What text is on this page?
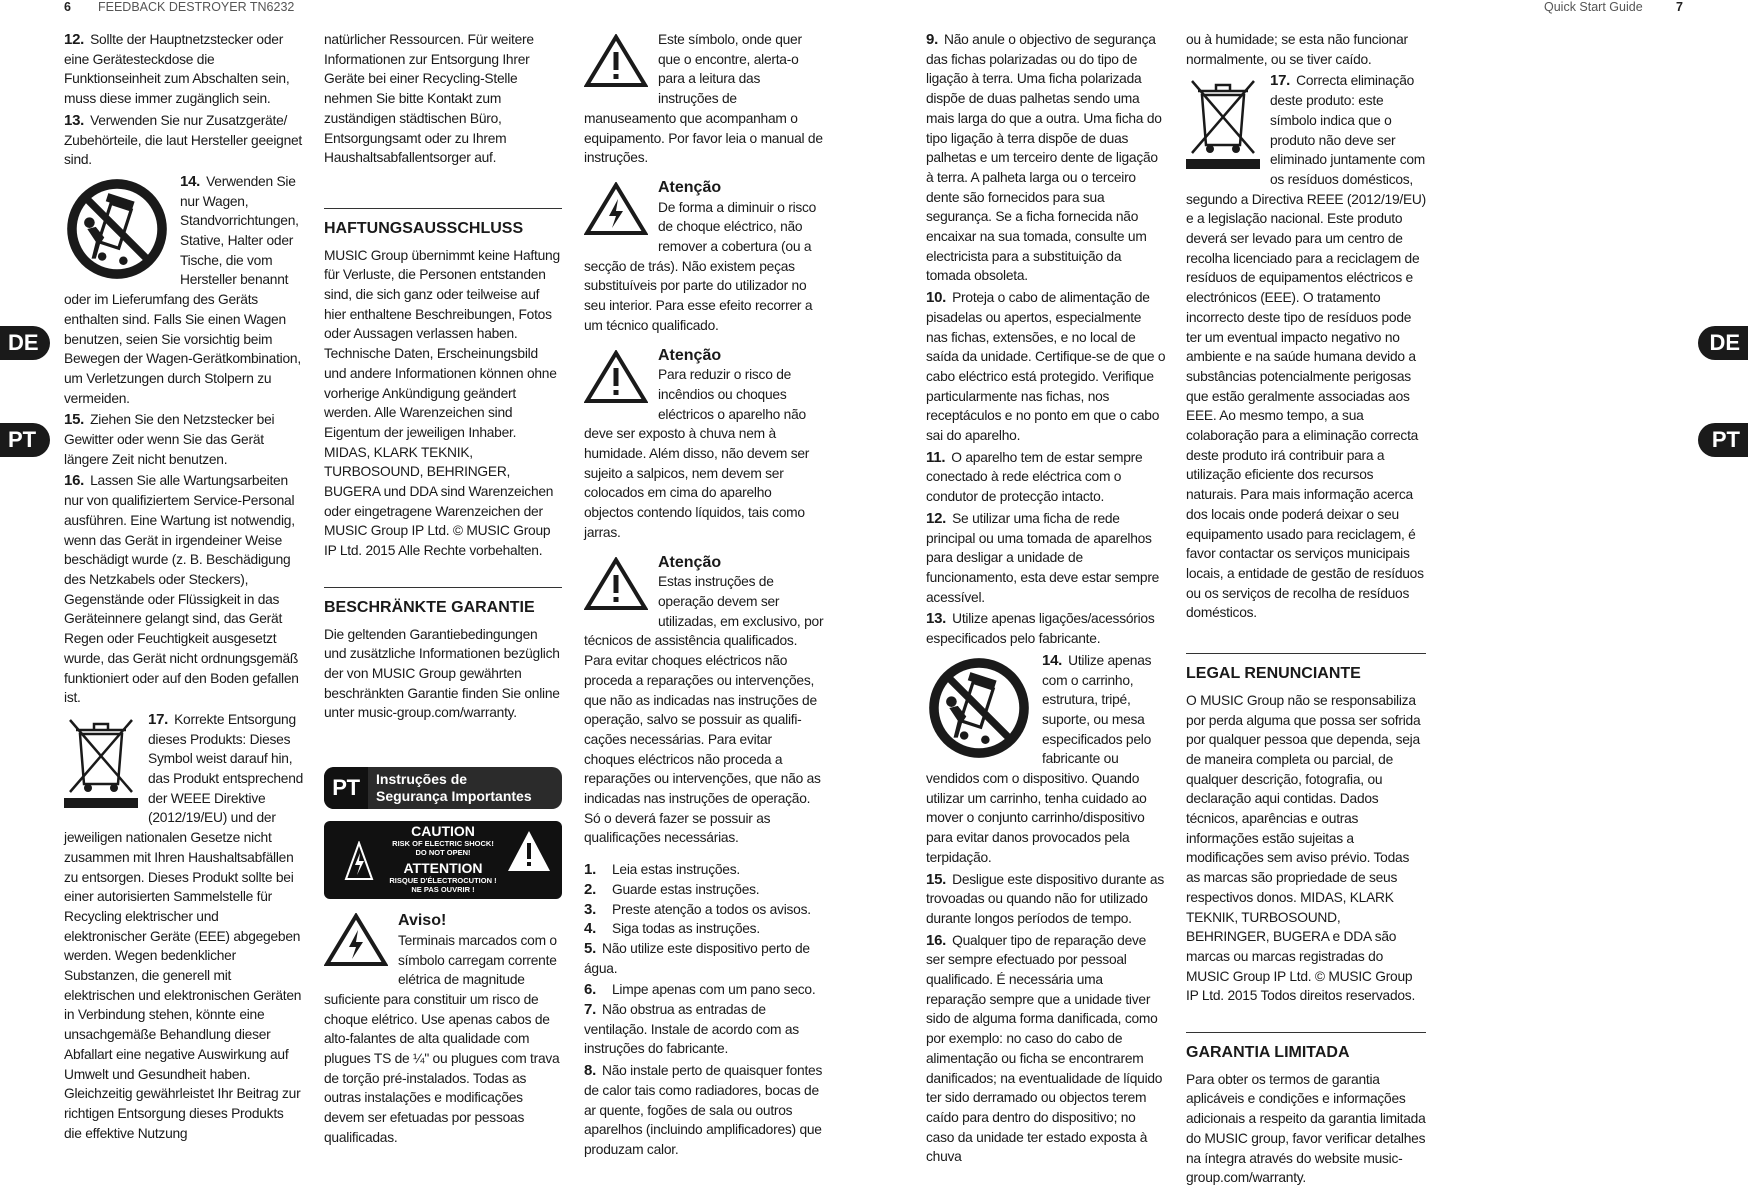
6 FEEDBACK DESTROYER TN6232	Quick Start Guide	7
DE
PT
DE
PT

12. Sollte der Hauptnetzstecker oder eine Gerätesteckdose die Funktionseinheit zum Abschalten sein, muss diese immer zugänglich sein.

13. Verwenden Sie nur Zusatzgeräte/ Zubehörteile, die laut Hersteller geeignet sind.

14. Verwenden Sie nur Wagen, Standvorrichtungen, Stative, Halter oder Tische, die vom Hersteller benannt oder im Lieferumfang des Geräts enthalten sind. Falls Sie einen Wagen benutzen, seien Sie vorsichtig beim Bewegen der Wagen-Gerätkombination, um Verletzungen durch Stolpern zu vermeiden.

15. Ziehen Sie den Netzstecker bei Gewitter oder wenn Sie das Gerät längere Zeit nicht benutzen.

16. Lassen Sie alle Wartungsarbeiten nur von qualifiziertem Service-Personal ausführen. Eine Wartung ist notwendig, wenn das Gerät in irgendeiner Weise beschädigt wurde (z. B. Beschädigung des Netzkabels oder Steckers), Gegenstände oder Flüssigkeit in das Geräteinnere gelangt sind, das Gerät Regen oder Feuchtigkeit ausgesetzt wurde, das Gerät nicht ordnungsgemäß funktioniert oder auf den Boden gefallen ist.

17. Korrekte Entsorgung dieses Produkts: Dieses Symbol weist darauf hin, das Produkt entsprechend der WEEE Direktive (2012/19/EU) und der jeweiligen nationalen Gesetze nicht zusammen mit Ihren Haushaltsabfällen zu entsorgen. Dieses Produkt sollte bei einer autorisierten Sammelstelle für Recycling elektrischer und elektronischer Geräte (EEE) abgegeben werden. Wegen bedenklicher Substanzen, die generell mit elektrischen und elektronischen Geräten in Verbindung stehen, könnte eine unsachgemäße Behandlung dieser Abfallart eine negative Auswirkung auf Umwelt und Gesundheit haben. Gleichzeitig gewährleistet Ihr Beitrag zur richtigen Entsorgung dieses Produkts die effektive Nutzung

natürlicher Ressourcen. Für weitere Informationen zur Entsorgung Ihrer Geräte bei einer Recycling-Stelle nehmen Sie bitte Kontakt zum zuständigen städtischen Büro, Entsorgungsamt oder zu Ihrem Haushaltsabfallentsorger auf.

HAFTUNGSAUSSCHLUSS

MUSIC Group übernimmt keine Haftung für Verluste, die Personen entstanden sind, die sich ganz oder teilweise auf hier enthaltene Beschreibungen, Fotos oder Aussagen verlassen haben. Technische Daten, Erscheinungsbild und andere Informationen können ohne vorherige Ankündigung geändert werden. Alle Warenzeichen sind Eigentum der jeweiligen Inhaber. MIDAS, KLARK TEKNIK, TURBOSOUND, BEHRINGER, BUGERA und DDA sind Warenzeichen oder eingetragene Warenzeichen der MUSIC Group IP Ltd. © MUSIC Group IP Ltd. 2015 Alle Rechte vorbehalten.

BESCHRÄNKTE GARANTIE

Die geltenden Garantiebedingungen und zusätzliche Informationen bezüglich der von MUSIC Group gewährten beschränkten Garantie finden Sie online unter music-group.com/warranty.

PT	Instruções de
Segurança Importantes
CAUTION
RISK OF ELECTRIC SHOCK!
DO NOT OPEN!
ATTENTION
RISQUE D'ÉLECTROCUTION !
NE PAS OUVRIR !
Aviso!

Terminais marcados com o símbolo carregam corrente elétrica de magnitude suficiente para constituir um risco de choque elétrico. Use apenas cabos de alto-falantes de alta qualidade com plugues TS de ¼" ou plugues com trava de torção pré-instalados. Todas as outras instalações e modificações devem ser efetuadas por pessoas qualificadas.

Este símbolo, onde quer que o encontre, alerta-o para a leitura das instruções de manuseamento que acompanham o equipamento. Por favor leia o manual de instruções.

Atenção

De forma a diminuir o risco de choque eléctrico, não remover a cobertura (ou a secção de trás). Não existem peças substituíveis por parte do utilizador no seu interior. Para esse efeito recorrer a um técnico qualificado.

Atenção

Para reduzir o risco de incêndios ou choques eléctricos o aparelho não deve ser exposto à chuva nem à humidade. Além disso, não devem ser sujeito a salpicos, nem devem ser colocados em cima do aparelho objectos contendo líquidos, tais como jarras.

Atenção

Estas instruções de operação devem ser utilizadas, em exclusivo, por técnicos de assistência qualificados. Para evitar choques eléctricos não proceda a reparações ou intervenções, que não as indicadas nas instruções de operação, salvo se possuir as qualifi-cações necessárias. Para evitar choques eléctricos não proceda a reparações ou intervenções, que não as indicadas nas instruções de operação. Só o deverá fazer se possuir as qualificações necessárias.

1.	Leia estas instruções.
2.	Guarde estas instruções.
3.	Preste atenção a todos os avisos.
4.	Siga todas as instruções.

5. Não utilize este dispositivo perto de água.

6.	Limpe apenas com um pano seco.

7. Não obstrua as entradas de ventilação. Instale de acordo com as instruções do fabricante.

8. Não instale perto de quaisquer fontes de calor tais como radiadores, bocas de ar quente, fogões de sala ou outros aparelhos (incluindo amplificadores) que produzam calor.

9. Não anule o objectivo de segurança das fichas polarizadas ou do tipo de ligação à terra. Uma ficha polarizada dispõe de duas palhetas sendo uma mais larga do que a outra. Uma ficha do tipo ligação à terra dispõe de duas palhetas e um terceiro dente de ligação à terra. A palheta larga ou o terceiro dente são fornecidos para sua segurança. Se a ficha fornecida não encaixar na sua tomada, consulte um electricista para a substituição da tomada obsoleta.

10. Proteja o cabo de alimentação de pisadelas ou apertos, especialmente nas fichas, extensões, e no local de saída da unidade. Certifique-se de que o cabo eléctrico está protegido. Verifique particularmente nas fichas, nos receptáculos e no ponto em que o cabo sai do aparelho.

11. O aparelho tem de estar sempre conectado à rede eléctrica com o condutor de protecção intacto.

12. Se utilizar uma ficha de rede principal ou uma tomada de aparelhos para desligar a unidade de funcionamento, esta deve estar sempre acessível.

13. Utilize apenas ligações/acessórios especificados pelo fabricante.

14. Utilize apenas com o carrinho, estrutura, tripé, suporte, ou mesa especificados pelo fabricante ou vendidos com o dispositivo. Quando utilizar um carrinho, tenha cuidado ao mover o conjunto carrinho/dispositivo para evitar danos provocados pela terpidação.

15. Desligue este dispositivo durante as trovoadas ou quando não for utilizado durante longos períodos de tempo.

16. Qualquer tipo de reparação deve ser sempre efectuado por pessoal qualificado. É necessária uma reparação sempre que a unidade tiver sido de alguma forma danificada, como por exemplo: no caso do cabo de alimentação ou ficha se encontrarem danificados; na eventualidade de líquido ter sido derramado ou objectos terem caído para dentro do dispositivo; no caso da unidade ter estado exposta à chuva

ou à humidade; se esta não funcionar normalmente, ou se tiver caído.

17. Correcta eliminação deste produto: este símbolo indica que o produto não deve ser eliminado juntamente com os resíduos domésticos, segundo a Directiva REEE (2012/19/EU) e a legislação nacional. Este produto deverá ser levado para um centro de recolha licenciado para a reciclagem de resíduos de equipamentos eléctricos e electrónicos (EEE). O tratamento incorrecto deste tipo de resíduos pode ter um eventual impacto negativo no ambiente e na saúde humana devido a substâncias potencialmente perigosas que estão geralmente associadas aos EEE. Ao mesmo tempo, a sua colaboração para a eliminação correcta deste produto irá contribuir para a utilização eficiente dos recursos naturais. Para mais informação acerca dos locais onde poderá deixar o seu equipamento usado para reciclagem, é favor contactar os serviços municipais locais, a entidade de gestão de resíduos ou os serviços de recolha de resíduos domésticos.

LEGAL RENUNCIANTE

O MUSIC Group não se responsabiliza por perda alguma que possa ser sofrida por qualquer pessoa que dependa, seja de maneira completa ou parcial, de qualquer descrição, fotografia, ou declaração aqui contidas. Dados técnicos, aparências e outras informações estão sujeitas a modificações sem aviso prévio. Todas as marcas são propriedade de seus respectivos donos. MIDAS, KLARK TEKNIK, TURBOSOUND, BEHRINGER, BUGERA e DDA são marcas ou marcas registradas do MUSIC Group IP Ltd. © MUSIC Group IP Ltd. 2015 Todos direitos reservados.

GARANTIA LIMITADA

Para obter os termos de garantia aplicáveis e condições e informações adicionais a respeito da garantia limitada do MUSIC group, favor verificar detalhes na íntegra através do website music-group.com/warranty.
